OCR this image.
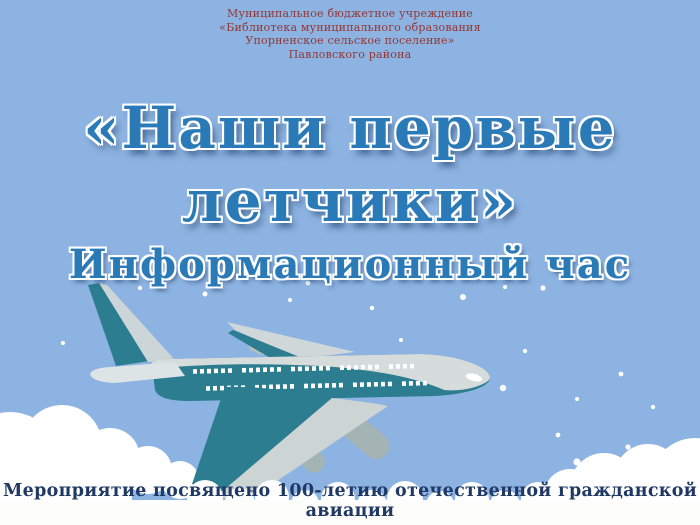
Муниципальное бюджетное учреждение
«Библиотека муниципального образования
Упорненское сельское поселение»
Павловского района
«Наши первые
летчики»
Информационный час
Мероприятие посвящено 100-летию отечественной гражданской авиации
